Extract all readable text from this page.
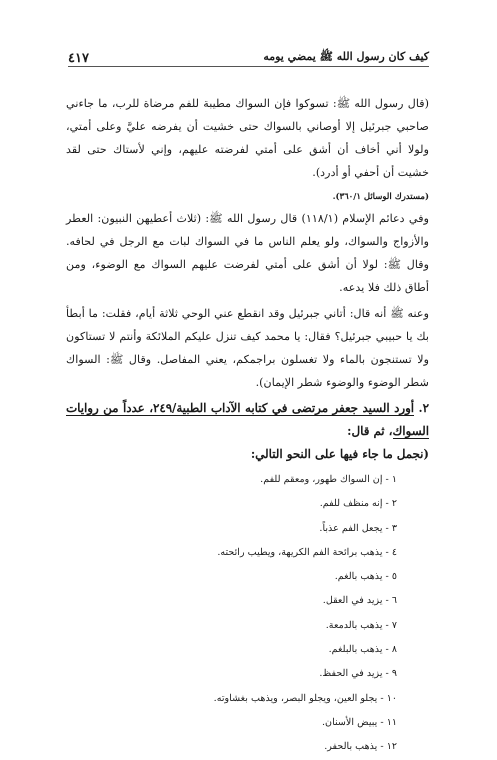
كيف كان رسول الله ﷺ يمضي يومه
٤١٧

(قال رسول الله ﷺ: تسوكوا فإن السواك مطيبة للفم مرضاة للرب، ما جاءني صاحبي جبرئيل إلا أوصاني بالسواك حتى خشيت أن يفرضه عليَّ وعلى أمتي، ولولا أني أخاف أن أشق على أمتي لفرضته عليهم، وإني لأستاك حتى لقد خشيت أن أحفي أو أدرد).

(مستدرك الوسائل ٣٦٠/١).

وفي دعائم الإسلام (١١٨/١) قال رسول الله ﷺ: (ثلاث أعطيهن النبيون: العطر والأزواج والسواك، ولو يعلم الناس ما في السواك لبات مع الرجل في لحافه. وقال ﷺ: لولا أن أشق على أمتي لفرضت عليهم السواك مع الوضوء، ومن أطاق ذلك فلا يدعه.

وعنه ﷺ أنه قال: أتاني جبرئيل وقد انقطع عني الوحي ثلاثة أيام، فقلت: ما أبطأ بك يا حبيبي جبرئيل؟ فقال: يا محمد كيف تنزل عليكم الملائكة وأنتم لا تستاكون ولا تستنجون بالماء ولا تغسلون براجمكم، يعني المفاصل. وقال ﷺ: السواك شطر الوضوء والوضوء شطر الإيمان).

٢. أورد السيد جعفر مرتضى في كتابه الآداب الطبية/٢٤٩، عدداً من روايات السواك، ثم قال:
(نجمل ما جاء فيها على النحو التالي:
١ - إن السواك طهور، ومعقم للفم.
٢ - إنه منظف للفم.
٣ - يجعل الفم عذباً.
٤ - يذهب برائحة الفم الكريهة، ويطيب رائحته.
٥ - يذهب بالغم.
٦ - يزيد في العقل.
٧ - يذهب بالدمعة.
٨ - يذهب بالبلغم.
٩ - يزيد في الحفظ.
١٠ - يجلو العين، ويجلو البصر، ويذهب بغشاوته.
١١ - يبيض الأسنان.
١٢ - يذهب بالحفر.
